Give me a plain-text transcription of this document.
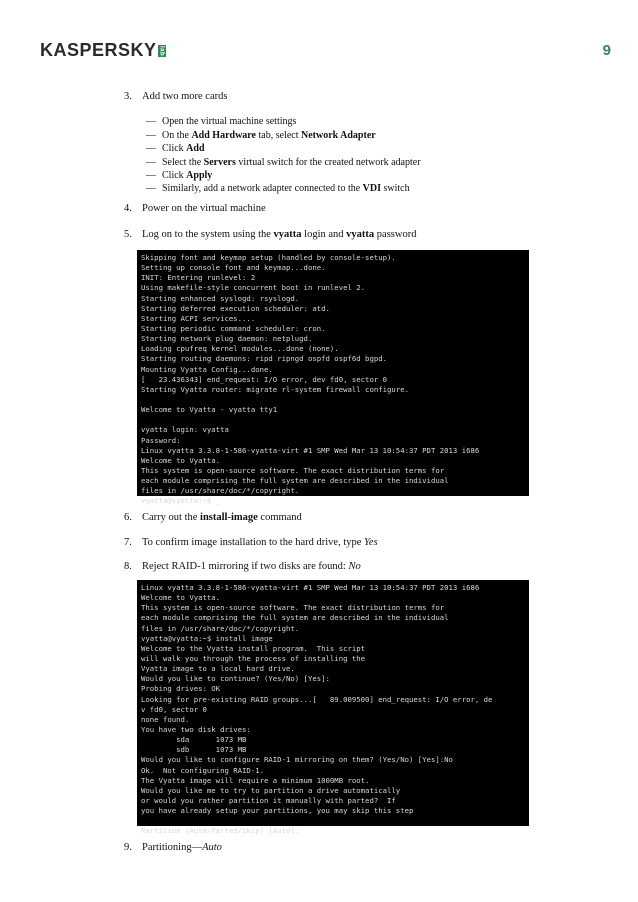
KASPERSKY lab	9
3. Add two more cards
— Open the virtual machine settings
— On the Add Hardware tab, select Network Adapter
— Click Add
— Select the Servers virtual switch for the created network adapter
— Click Apply
— Similarly, add a network adapter connected to the VDI switch
4. Power on the virtual machine
5. Log on to the system using the vyatta login and vyatta password
Skipping font and keymap setup (handled by console-setup).
Setting up console font and keymap...done.
INIT: Entering runlevel: 2
Using makefile-style concurrent boot in runlevel 2.
Starting enhanced syslogd: rsyslogd.
Starting deferred execution scheduler: atd.
Starting ACPI services....
Starting periodic command scheduler: cron.
Starting network plug daemon: netplugd.
Loading cpufreq kernel modules...done (none).
Starting routing daemons: ripd ripngd ospfd ospf6d bgpd.
Mounting Vyatta Config...done.
[   23.436343] end_request: I/O error, dev fd0, sector 0
Starting Vyatta router: migrate rl-system firewall configure.
Welcome to Vyatta - vyatta tty1
vyatta login: vyatta
Password:
Linux vyatta 3.3.8-1-586-vyatta-virt #1 SMP Wed Mar 13 10:54:37 PDT 2013 i686
Welcome to Vyatta.
This system is open-source software. The exact distribution terms for
each module comprising the full system are described in the individual
files in /usr/share/doc/*/copyright.
vyatta@vyatta:~$ _
6. Carry out the install-image command
7. To confirm image installation to the hard drive, type Yes
8. Reject RAID-1 mirroring if two disks are found: No
Linux vyatta 3.3.8-1-586-vyatta-virt #1 SMP Wed Mar 13 10:54:37 PDT 2013 i686
Welcome to Vyatta.
This system is open-source software. The exact distribution terms for
each module comprising the full system are described in the individual
files in /usr/share/doc/*/copyright.
vyatta@vyatta:~$ install image
Welcome to the Vyatta install program.  This script
will walk you through the process of installing the
Vyatta image to a local hard drive.
Would you like to continue? (Yes/No) [Yes]:
Probing drives: OK
Looking for pre-existing RAID groups...[   89.009500] end_request: I/O error, de
v fd0, sector 0
none found.
You have two disk drives:
sda      1073 MB
sdb      1073 MB
Would you like to configure RAID-1 mirroring on them? (Yes/No) [Yes]:No
Ok.  Not configuring RAID-1.
The Vyatta image will require a minimum 1000MB root.
Would you like me to try to partition a drive automatically
or would you rather partition it manually with parted?  If
you have already setup your partitions, you may skip this step
Partition (Auto/Parted/Skip) [Auto]:
9. Partitioning—Auto
